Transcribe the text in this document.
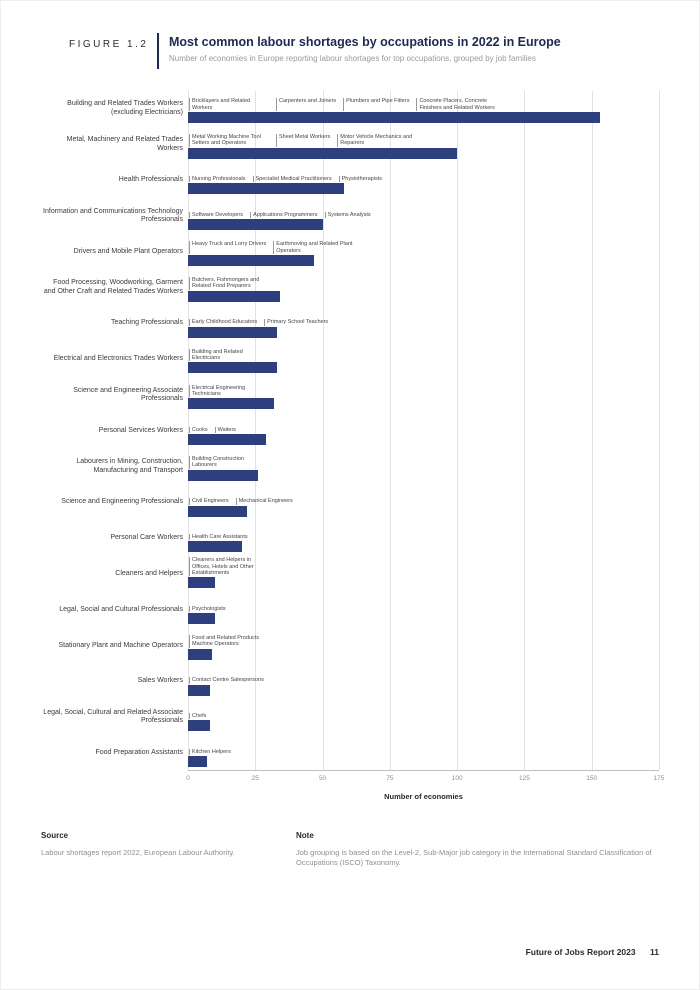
FIGURE 1.2	Most common labour shortages by occupations in 2022 in Europe
Number of economies in Europe reporting labour shortages for top occupations, grouped by job families
Building and Related Trades Workers (excluding Electricians)
Bricklayers and Related Workers
Carpenters and Joiners	Plumbers and Pipe Fitters	Concrete Placers, Concrete Finishers and Related Workers
Metal, Machinery and Related Trades Workers
Metal Working Machine Tool Setters and Operators
Sheet Metal Workers	Motor Vehicle Mechanics and Repairers
Health Professionals	Nursing Professionals	Specialist Medical Practitioners	Physiotherapists
Information and Communications Technology Professionals
Software Developers	Applications Programmers	Systems Analysts
Drivers and Mobile Plant Operators
Heavy Truck and Lorry Drivers	Earthmoving and Related Plant Operators
Food Processing, Woodworking, Garment and Other Craft and Related Trades Workers
Butchers, Fishmongers and Related Food Preparers
Teaching Professionals	Early Childhood Educators	Primary School Teachers
Electrical and Electronics Trades Workers
Building and Related Electricians
Science and Engineering Associate Professionals
Electrical Engineering Technicians
Personal Services Workers	Cooks	Waiters
Labourers in Mining, Construction, Manufacturing and Transport
Building Construction Labourers
Science and Engineering Professionals	Civil Engineers	Mechanical Engineers
Personal Care Workers	Health Care Assistants
Cleaners and Helpers
Cleaners and Helpers in Offices, Hotels and Other Establishments
Legal, Social and Cultural Professionals	Psychologists
Stationary Plant and Machine Operators
Food and Related Products Machine Operators
Sales Workers	Contact Centre Salespersons
Legal, Social, Cultural and Related Associate Professionals
Chefs
Food Preparation Assistants	Kitchen Helpers
0	25	50	75	100	125	150	175
Number of economies
Source
Labour shortages report 2022, European Labour Authority.
Note
Job grouping is based on the Level-2, Sub-Major job category in the International Standard Classification of Occupations (ISCO) Taxonomy.
Future of Jobs Report 2023 11
